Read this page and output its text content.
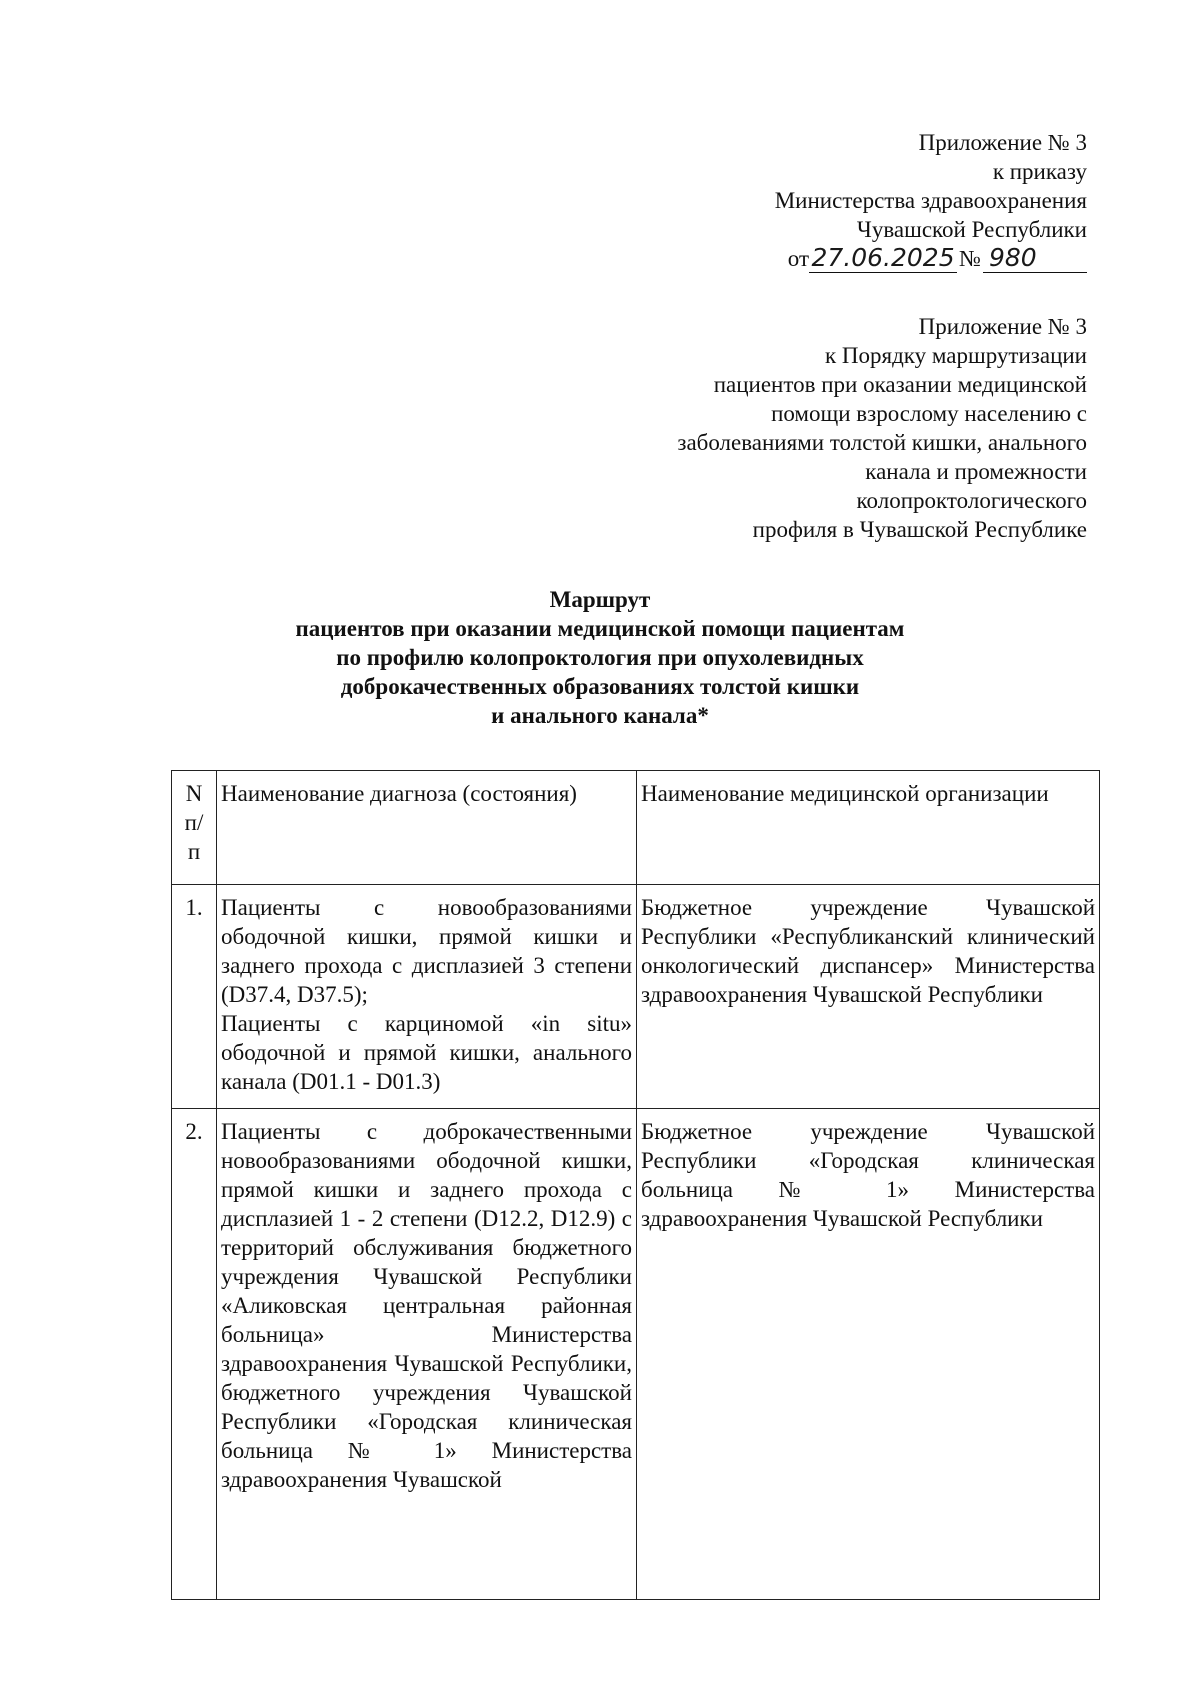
Приложение № 3
к приказу
Министерства здравоохранения
Чувашской Республики
от 27.06.2025 № 980
Приложение № 3
к Порядку маршрутизации
пациентов при оказании медицинской
помощи взрослому населению с
заболеваниями толстой кишки, анального
канала и промежности
колопроктологического
профиля в Чувашской Республике
Маршрут
пациентов при оказании медицинской помощи пациентам
по профилю колопроктология при опухолевидных
доброкачественных образованиях толстой кишки
и анального канала*
N п/ п	Наименование диагноза (состояния)	Наименование медицинской организации

1.	Пациенты с новообразованиями ободочной кишки, прямой кишки и заднего прохода с дисплазией 3 степени (D37.4, D37.5);
Пациенты с карциномой «in situ» ободочной и прямой кишки, анального канала (D01.1 - D01.3)	Бюджетное учреждение Чувашской Республики «Республиканский клинический онкологический диспансер» Министерства здравоохранения Чувашской Республики

2.	Пациенты с доброкачественными новообразованиями ободочной кишки, прямой кишки и заднего прохода с дисплазией 1 - 2 степени (D12.2, D12.9) с территорий обслуживания бюджетного учреждения Чувашской Республики «Аликовская центральная районная больница» Министерства здравоохранения Чувашской Республики, бюджетного учреждения Чувашской Республики «Городская клиническая больница № 1» Министерства здравоохранения Чувашской	Бюджетное учреждение Чувашской Республики «Городская клиническая больница № 1» Министерства здравоохранения Чувашской Республики
